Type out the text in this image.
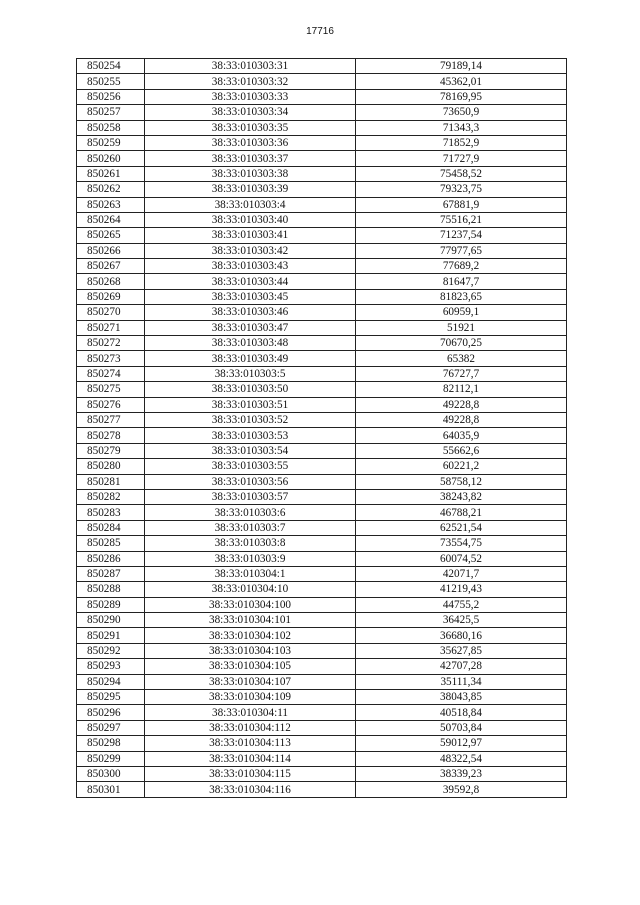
17716
850254	38:33:010303:31	79189,14
850255	38:33:010303:32	45362,01
850256	38:33:010303:33	78169,95
850257	38:33:010303:34	73650,9
850258	38:33:010303:35	71343,3
850259	38:33:010303:36	71852,9
850260	38:33:010303:37	71727,9
850261	38:33:010303:38	75458,52
850262	38:33:010303:39	79323,75
850263	38:33:010303:4	67881,9
850264	38:33:010303:40	75516,21
850265	38:33:010303:41	71237,54
850266	38:33:010303:42	77977,65
850267	38:33:010303:43	77689,2
850268	38:33:010303:44	81647,7
850269	38:33:010303:45	81823,65
850270	38:33:010303:46	60959,1
850271	38:33:010303:47	51921
850272	38:33:010303:48	70670,25
850273	38:33:010303:49	65382
850274	38:33:010303:5	76727,7
850275	38:33:010303:50	82112,1
850276	38:33:010303:51	49228,8
850277	38:33:010303:52	49228,8
850278	38:33:010303:53	64035,9
850279	38:33:010303:54	55662,6
850280	38:33:010303:55	60221,2
850281	38:33:010303:56	58758,12
850282	38:33:010303:57	38243,82
850283	38:33:010303:6	46788,21
850284	38:33:010303:7	62521,54
850285	38:33:010303:8	73554,75
850286	38:33:010303:9	60074,52
850287	38:33:010304:1	42071,7
850288	38:33:010304:10	41219,43
850289	38:33:010304:100	44755,2
850290	38:33:010304:101	36425,5
850291	38:33:010304:102	36680,16
850292	38:33:010304:103	35627,85
850293	38:33:010304:105	42707,28
850294	38:33:010304:107	35111,34
850295	38:33:010304:109	38043,85
850296	38:33:010304:11	40518,84
850297	38:33:010304:112	50703,84
850298	38:33:010304:113	59012,97
850299	38:33:010304:114	48322,54
850300	38:33:010304:115	38339,23
850301	38:33:010304:116	39592,8
